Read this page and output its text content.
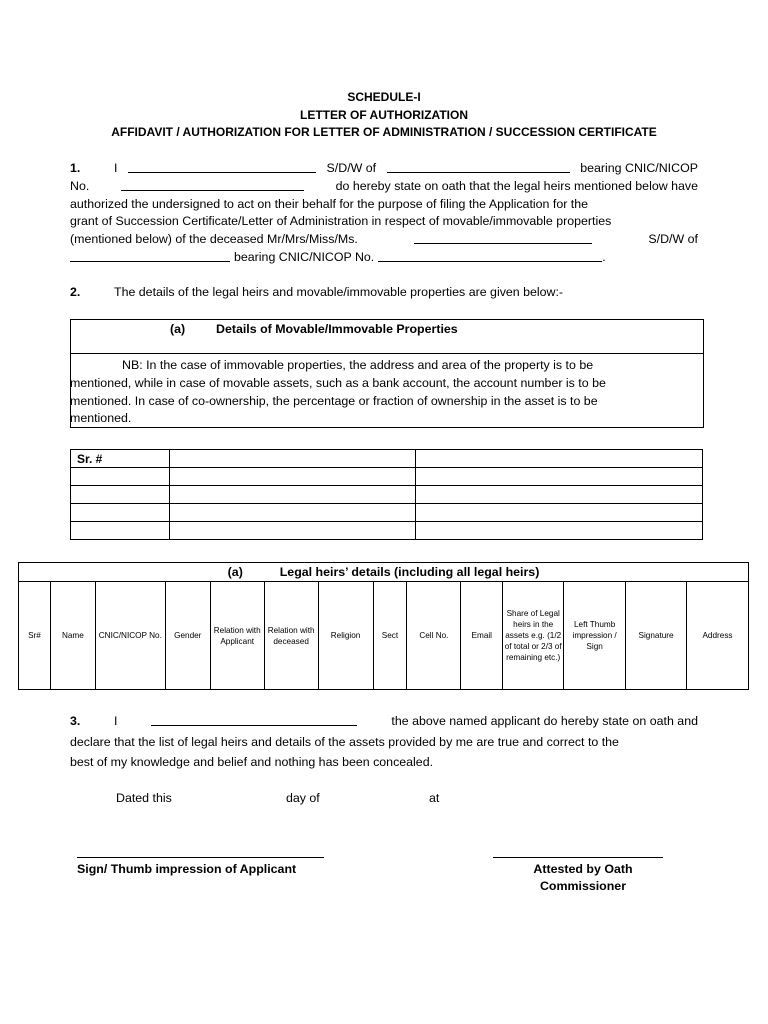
SCHEDULE-I
LETTER OF AUTHORIZATION
AFFIDAVIT / AUTHORIZATION FOR LETTER OF ADMINISTRATION / SUCCESSION CERTIFICATE
1.	I	S/D/W of	bearing CNIC/NICOP
No.	do hereby state on oath that the legal heirs mentioned below have
authorized the undersigned to act on their behalf for the purpose of filing the Application for the
grant of Succession Certificate/Letter of Administration in respect of movable/immovable properties
(mentioned below) of the deceased Mr/Mrs/Miss/Ms.	S/D/W of
bearing CNIC/NICOP No.	.
2.	The details of the legal heirs and movable/immovable properties are given below:-
(a) Details of Movable/Immovable Properties
NB: In the case of immovable properties, the address and area of the property is to be
mentioned, while in case of movable assets, such as a bank account, the account number is to be
mentioned. In case of co-ownership, the percentage or fraction of ownership in the asset is to be
mentioned.
Sr. #		

(a)	Legal heirs’ details (including all legal heirs)
Sr#	Name	CNIC/NICOP No.	Gender	Relation with Applicant	Relation with deceased	Religion	Sect	Cell No.	Email	Share of Legal heirs in the assets e.g. (1/2 of total or 2/3 of remaining etc.)	Left Thumb impression / Sign	Signature	Address
3.	I	the above named applicant do hereby state on oath and
declare that the list of legal heirs and details of the assets provided by me are true and correct to the
best of my knowledge and belief and nothing has been concealed.
Dated this	day of	at
Sign/ Thumb impression of Applicant	Attested by Oath
Commissioner
